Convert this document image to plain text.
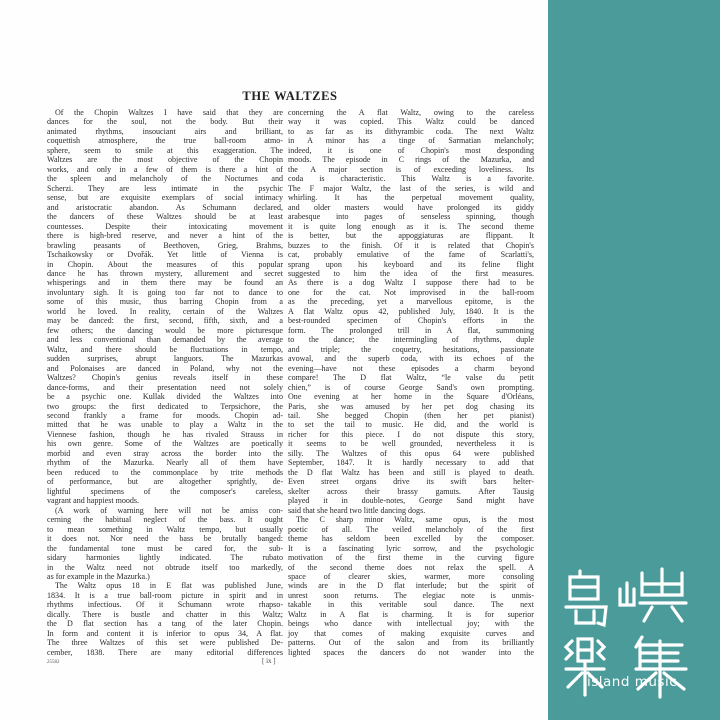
THE WALTZES
Of the Chopin Waltzes I have said that they are
dances for the soul, not the body. But their
animated rhythms, insouciant airs and brilliant,
coquettish atmosphere, the true ball-room atmo-
sphere, seem to smile at this exaggeration. The
Waltzes are the most objective of the Chopin
works, and only in a few of them is there a hint of
the spleen and melancholy of the Nocturnes and
Scherzi. They are less intimate in the psychic
sense, but are exquisite exemplars of social intimacy
and aristocratic abandon. As Schumann declared,
the dancers of these Waltzes should be at least
countesses. Despite their intoxicating movement
there is high-bred reserve, and never a hint of the
brawling peasants of Beethoven, Grieg, Brahms,
Tschaikowsky or Dvořák. Yet little of Vienna is
in Chopin. About the measures of this popular
dance he has thrown mystery, allurement and secret
whisperings and in them there may be found an
involuntary sigh. It is going too far not to dance to
some of this music, thus barring Chopin from a
world he loved. In reality, certain of the Waltzes
may be danced: the first, second, fifth, sixth, and a
few others; the dancing would be more picturesque
and less conventional than demanded by the average
Waltz, and there should be fluctuations in tempo,
sudden surprises, abrupt languors. The Mazurkas
and Polonaises are danced in Poland, why not the
Waltzes? Chopin's genius reveals itself in these
dance-forms, and their presentation need not solely
be a psychic one. Kullak divided the Waltzes into
two groups: the first dedicated to Terpsichore, the
second frankly a frame for moods. Chopin ad-
mitted that he was unable to play a Waltz in the
Viennese fashion, though he has rivaled Strauss in
his own genre. Some of the Waltzes are poetically
morbid and even stray across the border into the
rhythm of the Mazurka. Nearly all of them have
been reduced to the commonplace by trite methods
of performance, but are altogether sprightly, de-
lightful specimens of the composer's careless,
vagrant and happiest moods.
(A work of warning here will not be amiss con-
cerning the habitual neglect of the bass. It ought
to mean something in Waltz tempo, but usually
it does not. Nor need the bass be brutally banged:
the fundamental tone must be cared for, the sub-
sidary harmonies lightly indicated. The rubato
in the Waltz need not obtrude itself too markedly,
as for example in the Mazurka.)
The Waltz opus 18 in E flat was published June,
1834. It is a true ball-room picture in spirit and in
rhythms infectious. Of it Schumann wrote rhapso-
dically. There is bustle and chatter in this Waltz;
the D flat section has a tang of the later Chopin.
In form and content it is inferior to opus 34, A flat.
The three Waltzes of this set were published De-
cember, 1838. There are many editorial differences
concerning the A flat Waltz, owing to the careless
way it was copied. This Waltz could be danced
to as far as its dithyrambic coda. The next Waltz
in A minor has a tinge of Sarmatian melancholy;
indeed, it is one of Chopin's most desponding
moods. The episode in C rings of the Mazurka, and
the A major section is of exceeding loveliness. Its
coda is characteristic. This Waltz is a favorite.
The F major Waltz, the last of the series, is wild and
whirling. It has the perpetual movement quality,
and older masters would have prolonged its giddy
arabesque into pages of senseless spinning, though
it is quite long enough as it is. The second theme
is better, but the appoggiaturas are flippant. It
buzzes to the finish. Of it is related that Chopin's
cat, probably emulative of the fame of Scarlatti's,
sprang upon his keyboard and its feline flight
suggested to him the idea of the first measures.
As there is a dog Waltz I suppose there had to be
one for the cat. Not improvised in the ball-room
as the preceding, yet a marvellous epitome, is the
A flat Waltz opus 42, published July, 1840. It is the
best-rounded specimen of Chopin's efforts in the
form. The prolonged trill in A flat, summoning
to the dance; the intermingling of rhythms, duple
and triple; the coquetry, hesitations, passionate
avowal, and the superb coda, with its echoes of the
evening—have not these episodes a charm beyond
compare! The D flat Waltz, “le valse du petit
chien,” is of course George Sand's own prompting.
One evening at her home in the Square d'Orléans,
Paris, she was amused by her pet dog chasing its
tail. She begged Chopin (then her pet pianist)
to set the tail to music. He did, and the world is
richer for this piece. I do not dispute this story,
it seems to be well grounded, nevertheless it is
silly. The Waltzes of this opus 64 were published
September, 1847. It is hardly necessary to add that
the D flat Waltz has been and still is played to death.
Even street organs drive its swift bars helter-
skelter across their brassy gamuts. After Tausig
played it in double-notes, George Sand might have
said that she heard two little dancing dogs.
The C sharp minor Waltz, same opus, is the most
poetic of all. The veiled melancholy of the first
theme has seldom been excelled by the composer.
It is a fascinating lyric sorrow, and the psychologic
motivation of the first theme in the curving figure
of the second theme does not relax the spell. A
space of clearer skies, warmer, more consoling
winds are in the D flat interlude; but the spirit of
unrest soon returns. The elegiac note is unmis-
takable in this veritable soul dance. The next
Waltz in A flat is charming. It is for superior
beings who dance with intellectual joy; with the
joy that comes of making exquisite curves and
patterns. Out of the salon and from its brilliantly
lighted spaces the dancers do not wander into the
25582	[ ix ]
island music
